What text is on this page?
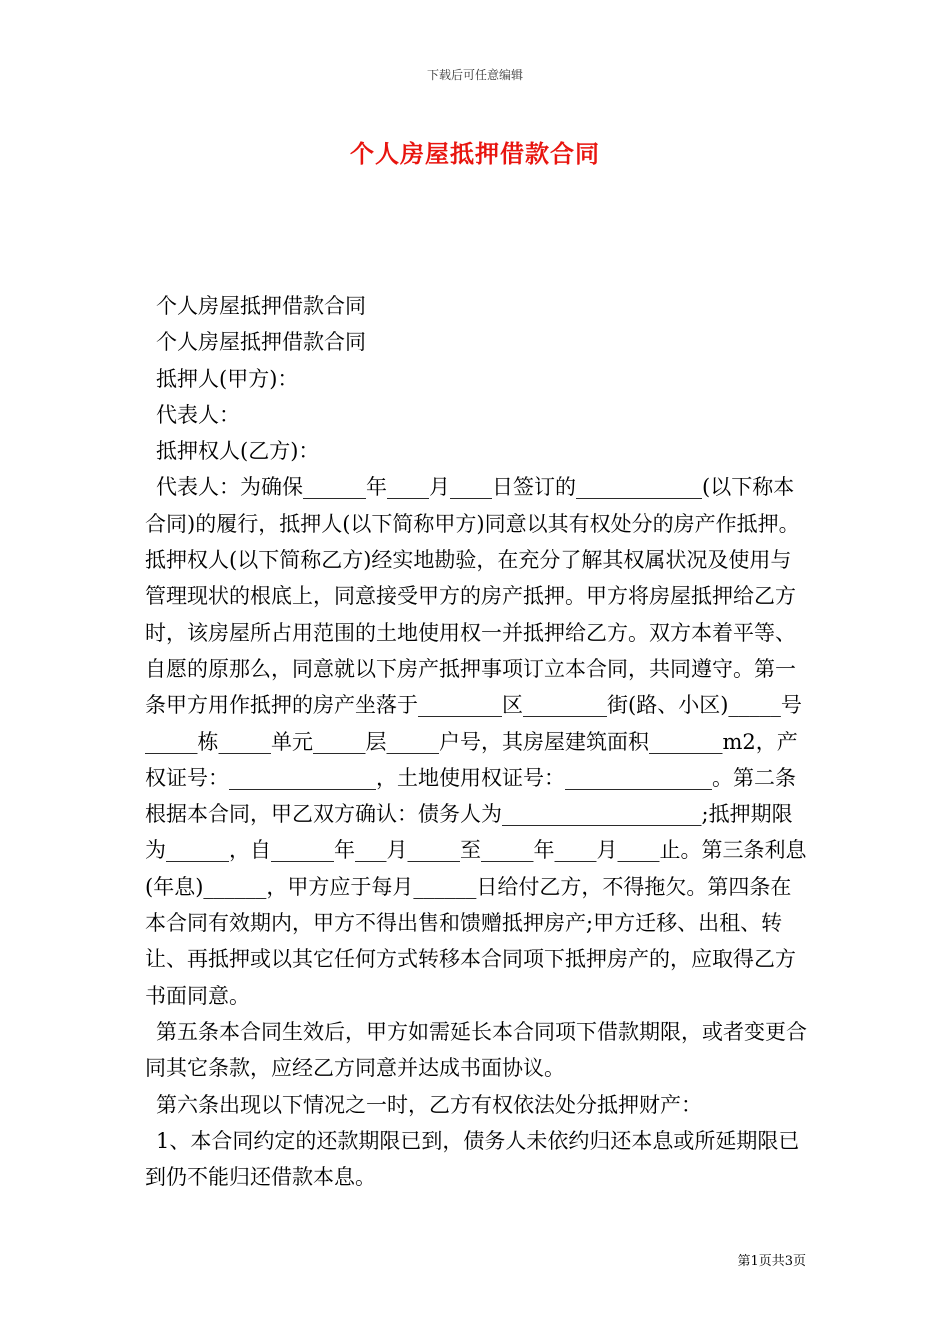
下载后可任意编辑
个人房屋抵押借款合同

个人房屋抵押借款合同

个人房屋抵押借款合同

抵押人(甲方)：

代表人：

抵押权人(乙方)：

代表人：为确保______年____月____日签订的____________(以下称本合同)的履行，抵押人(以下简称甲方)同意以其有权处分的房产作抵押。抵押权人(以下简称乙方)经实地勘验，在充分了解其权属状况及使用与管理现状的根底上，同意接受甲方的房产抵押。甲方将房屋抵押给乙方时，该房屋所占用范围的土地使用权一并抵押给乙方。双方本着平等、自愿的原那么，同意就以下房产抵押事项订立本合同，共同遵守。第一条甲方用作抵押的房产坐落于________区________街(路、小区)_____号_____栋_____单元_____层_____户号，其房屋建筑面积_______m2，产权证号：______________，土地使用权证号：______________。第二条根据本合同，甲乙双方确认：债务人为___________________;抵押期限为______，自______年___月_____至_____年____月____止。第三条利息(年息)______，甲方应于每月______日给付乙方，不得拖欠。第四条在本合同有效期内，甲方不得出售和馈赠抵押房产;甲方迁移、出租、转让、再抵押或以其它任何方式转移本合同项下抵押房产的，应取得乙方书面同意。

第五条本合同生效后，甲方如需延长本合同项下借款期限，或者变更合同其它条款，应经乙方同意并达成书面协议。

第六条出现以下情况之一时，乙方有权依法处分抵押财产：

1、本合同约定的还款期限已到，债务人未依约归还本息或所延期限已到仍不能归还借款本息。

第1页共3页
